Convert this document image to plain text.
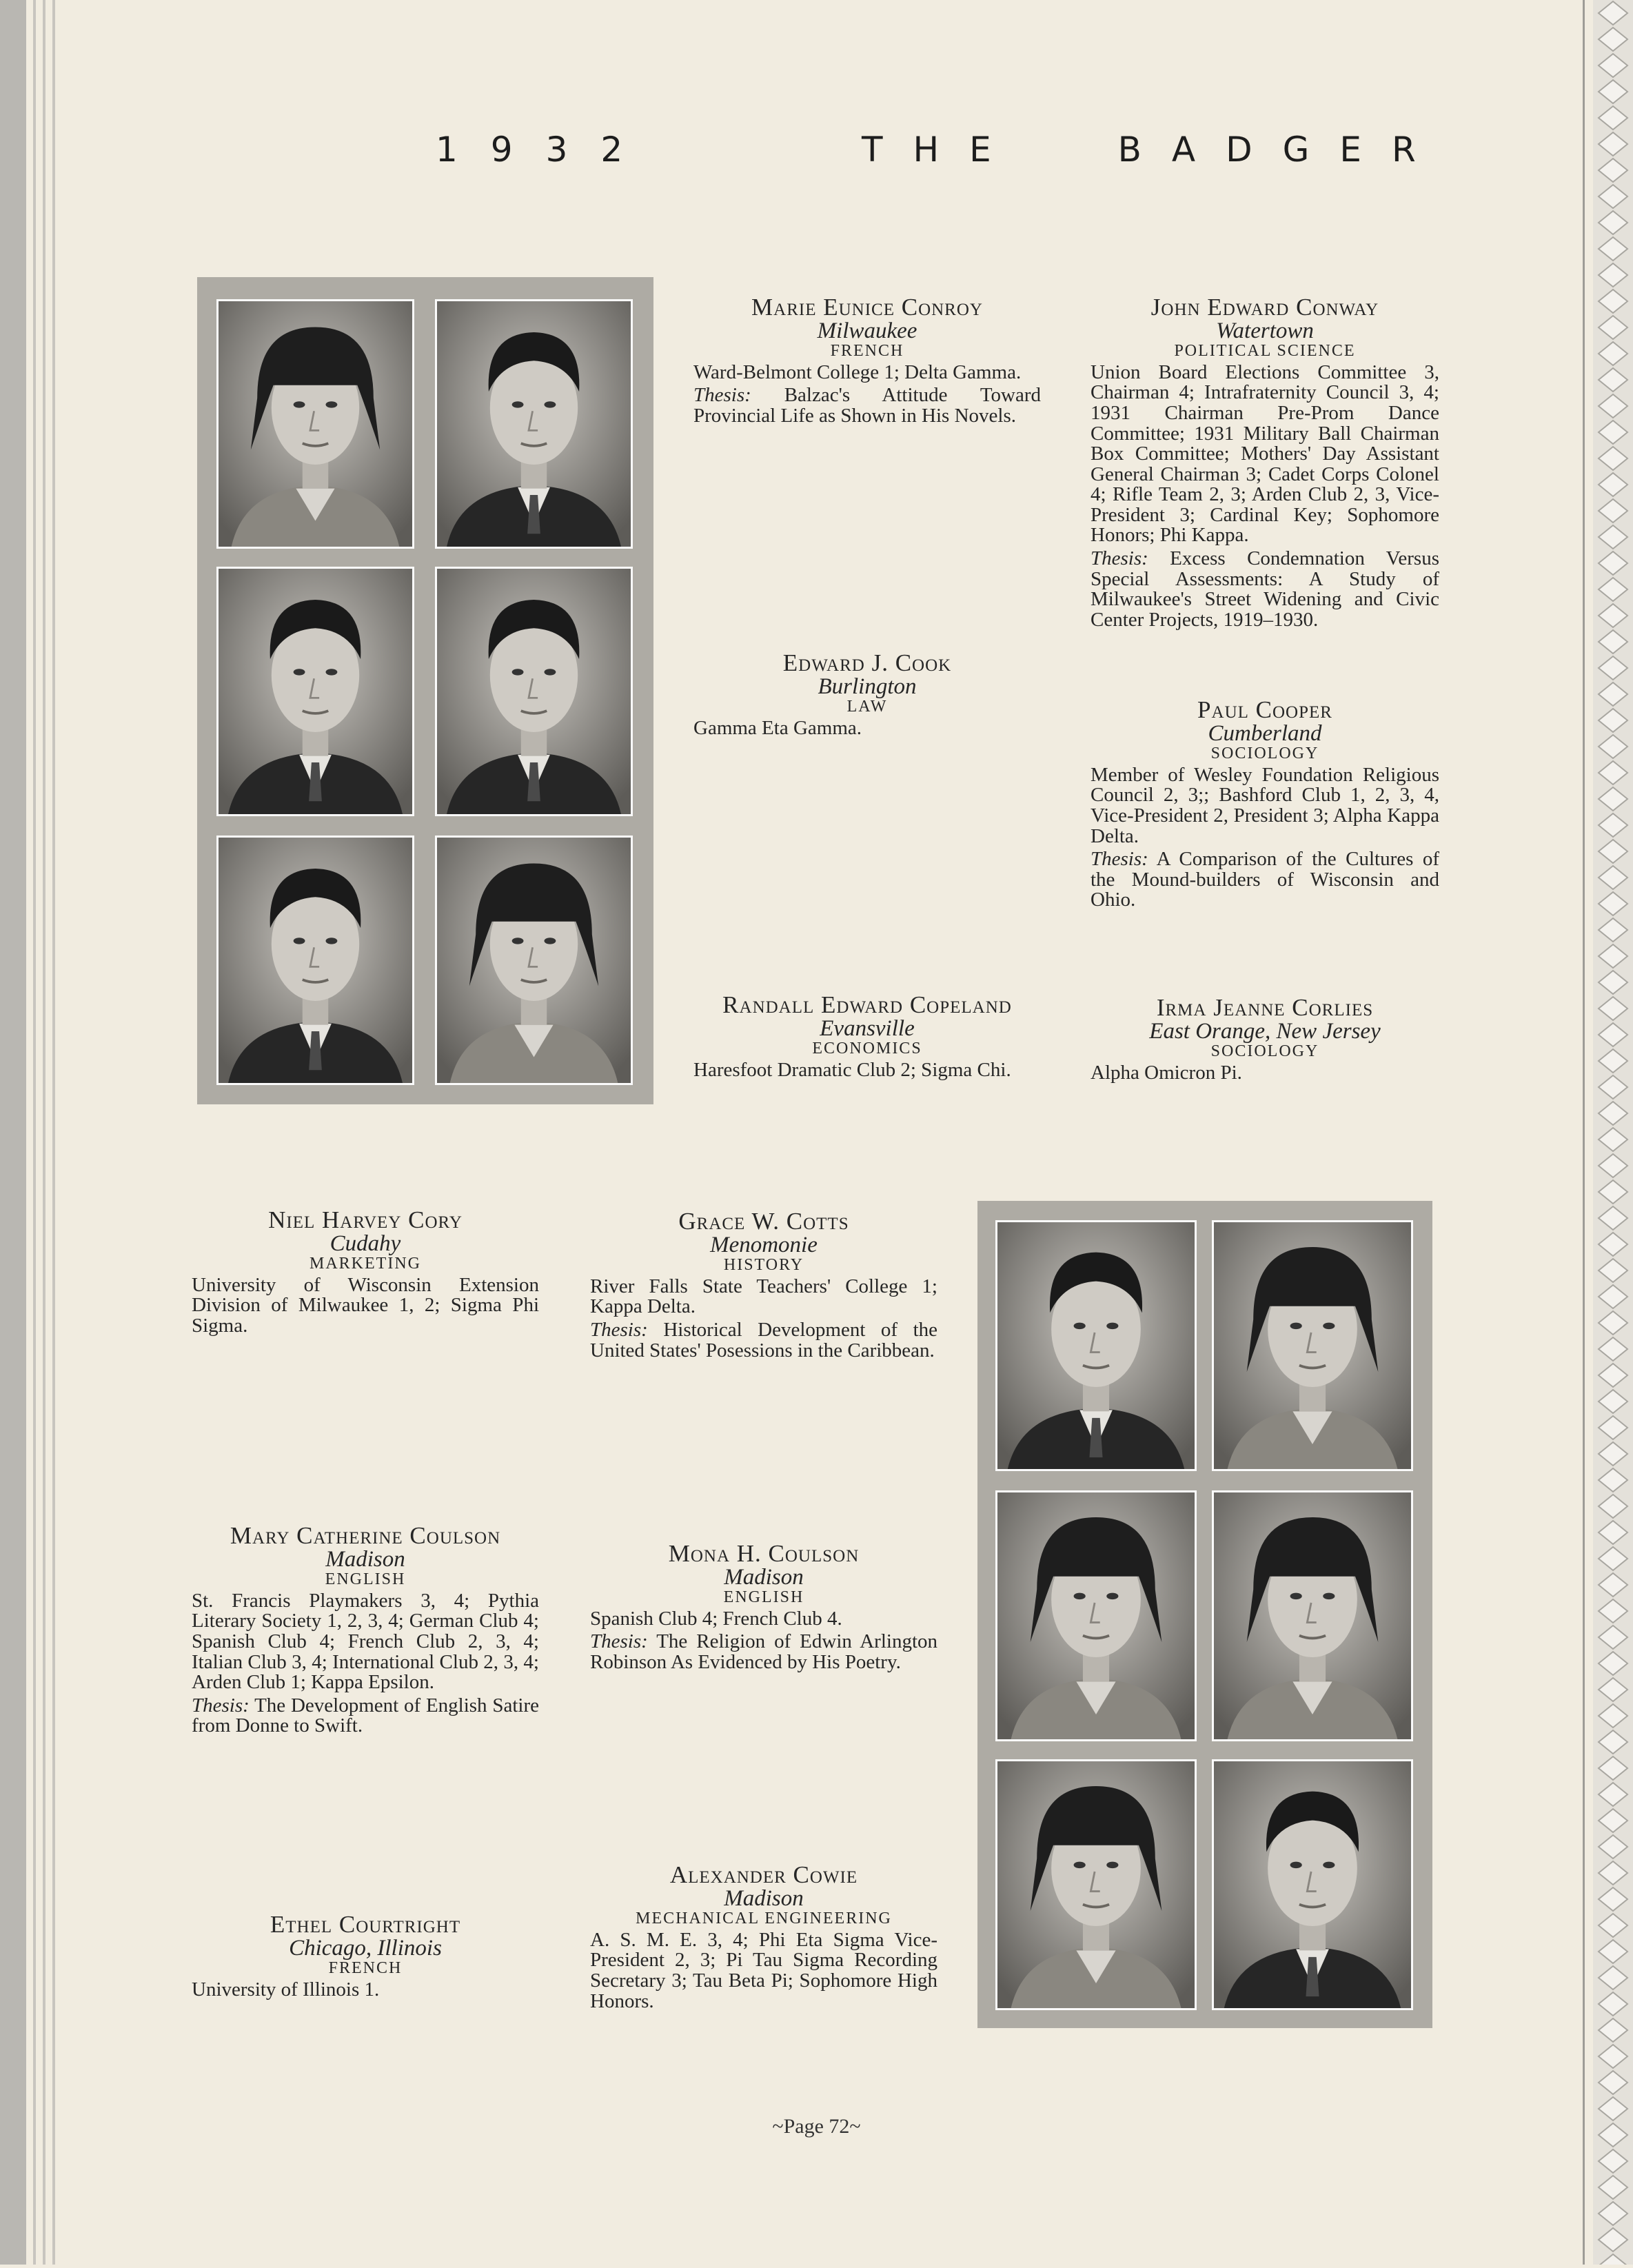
1932	THE BADGER
Marie Eunice Conroy
Milwaukee
FRENCH
Ward-Belmont College 1; Delta Gamma.
Thesis: Balzac's Attitude Toward Provincial Life as Shown in His Novels.
John Edward Conway
Watertown
POLITICAL SCIENCE
Union Board Elections Committee 3, Chairman 4; Intrafraternity Council 3, 4; 1931 Chairman Pre-Prom Dance Committee; 1931 Military Ball Chairman Box Committee; Mothers' Day Assistant General Chairman 3; Cadet Corps Colonel 4; Rifle Team 2, 3; Arden Club 2, 3, Vice-President 3; Cardinal Key; Sophomore Honors; Phi Kappa.
Thesis: Excess Condemnation Versus Special Assessments: A Study of Milwaukee's Street Widening and Civic Center Projects, 1919–1930.
Edward J. Cook
Burlington
LAW
Gamma Eta Gamma.
Paul Cooper
Cumberland
SOCIOLOGY
Member of Wesley Foundation Religious Council 2, 3;; Bashford Club 1, 2, 3, 4, Vice-President 2, President 3; Alpha Kappa Delta.
Thesis: A Comparison of the Cultures of the Mound-builders of Wisconsin and Ohio.
Randall Edward Copeland
Evansville
ECONOMICS
Haresfoot Dramatic Club 2; Sigma Chi.
Irma Jeanne Corlies
East Orange, New Jersey
SOCIOLOGY
Alpha Omicron Pi.
Niel Harvey Cory
Cudahy
MARKETING
University of Wisconsin Extension Division of Milwaukee 1, 2; Sigma Phi Sigma.
Grace W. Cotts
Menomonie
HISTORY
River Falls State Teachers' College 1; Kappa Delta.
Thesis: Historical Development of the United States' Posessions in the Caribbean.
Mary Catherine Coulson
Madison
ENGLISH
St. Francis Playmakers 3, 4; Pythia Literary Society 1, 2, 3, 4; German Club 4; Spanish Club 4; French Club 2, 3, 4; Italian Club 3, 4; International Club 2, 3, 4; Arden Club 1; Kappa Epsilon.
Thesis: The Development of English Satire from Donne to Swift.
Mona H. Coulson
Madison
ENGLISH
Spanish Club 4; French Club 4.
Thesis: The Religion of Edwin Arlington Robinson As Evidenced by His Poetry.
Ethel Courtright
Chicago, Illinois
FRENCH
University of Illinois 1.
Alexander Cowie
Madison
MECHANICAL ENGINEERING
A. S. M. E. 3, 4; Phi Eta Sigma Vice-President 2, 3; Pi Tau Sigma Recording Secretary 3; Tau Beta Pi; Sophomore High Honors.
~Page 72~
